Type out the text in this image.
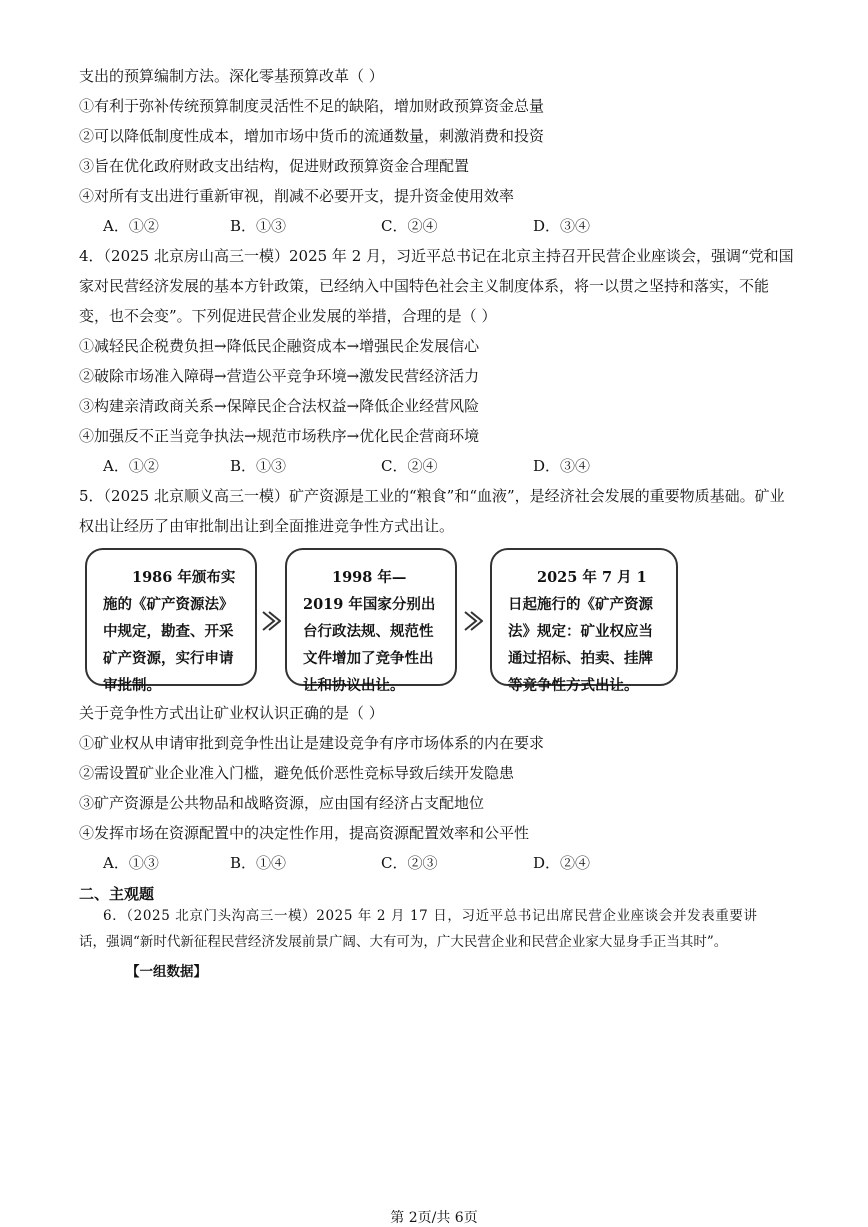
支出的预算编制方法。深化零基预算改革（ ）
①有利于弥补传统预算制度灵活性不足的缺陷，增加财政预算资金总量
②可以降低制度性成本，增加市场中货币的流通数量，刺激消费和投资
③旨在优化政府财政支出结构，促进财政预算资金合理配置
④对所有支出进行重新审视，削减不必要开支，提升资金使用效率
A．①②	B．①③	C．②④	D．③④
4．（2025 北京房山高三一模）2025 年 2 月，习近平总书记在北京主持召开民营企业座谈会，强调“党和国
家对民营经济发展的基本方针政策，已经纳入中国特色社会主义制度体系，将一以贯之坚持和落实，不能
变，也不会变”。下列促进民营企业发展的举措，合理的是（ ）
①减轻民企税费负担→降低民企融资成本→增强民企发展信心
②破除市场准入障碍→营造公平竞争环境→激发民营经济活力
③构建亲清政商关系→保障民企合法权益→降低企业经营风险
④加强反不正当竞争执法→规范市场秩序→优化民企营商环境
A．①②	B．①③	C．②④	D．③④
5．（2025 北京顺义高三一模）矿产资源是工业的“粮食”和“血液”，是经济社会发展的重要物质基础。矿业
权出让经历了由审批制出让到全面推进竞争性方式出让。
1986 年颁布实施的《矿产资源法》中规定，勘查、开采矿产资源，实行申请审批制。
1998 年—2019 年国家分别出台行政法规、规范性文件增加了竞争性出让和协议出让。
2025 年 7 月 1 日起施行的《矿产资源法》规定：矿业权应当通过招标、拍卖、挂牌等竞争性方式出让。
关于竞争性方式出让矿业权认识正确的是（ ）
①矿业权从申请审批到竞争性出让是建设竞争有序市场体系的内在要求
②需设置矿业企业准入门槛，避免低价恶性竞标导致后续开发隐患
③矿产资源是公共物品和战略资源，应由国有经济占支配地位
④发挥市场在资源配置中的决定性作用，提高资源配置效率和公平性
A．①③	B．①④	C．②③	D．②④
二、主观题
6．（2025 北京门头沟高三一模）2025 年 2 月 17 日，习近平总书记出席民营企业座谈会并发表重要讲
话，强调“新时代新征程民营经济发展前景广阔、大有可为，广大民营企业和民营企业家大显身手正当其时”。
【一组数据】
第 2页/共 6页
